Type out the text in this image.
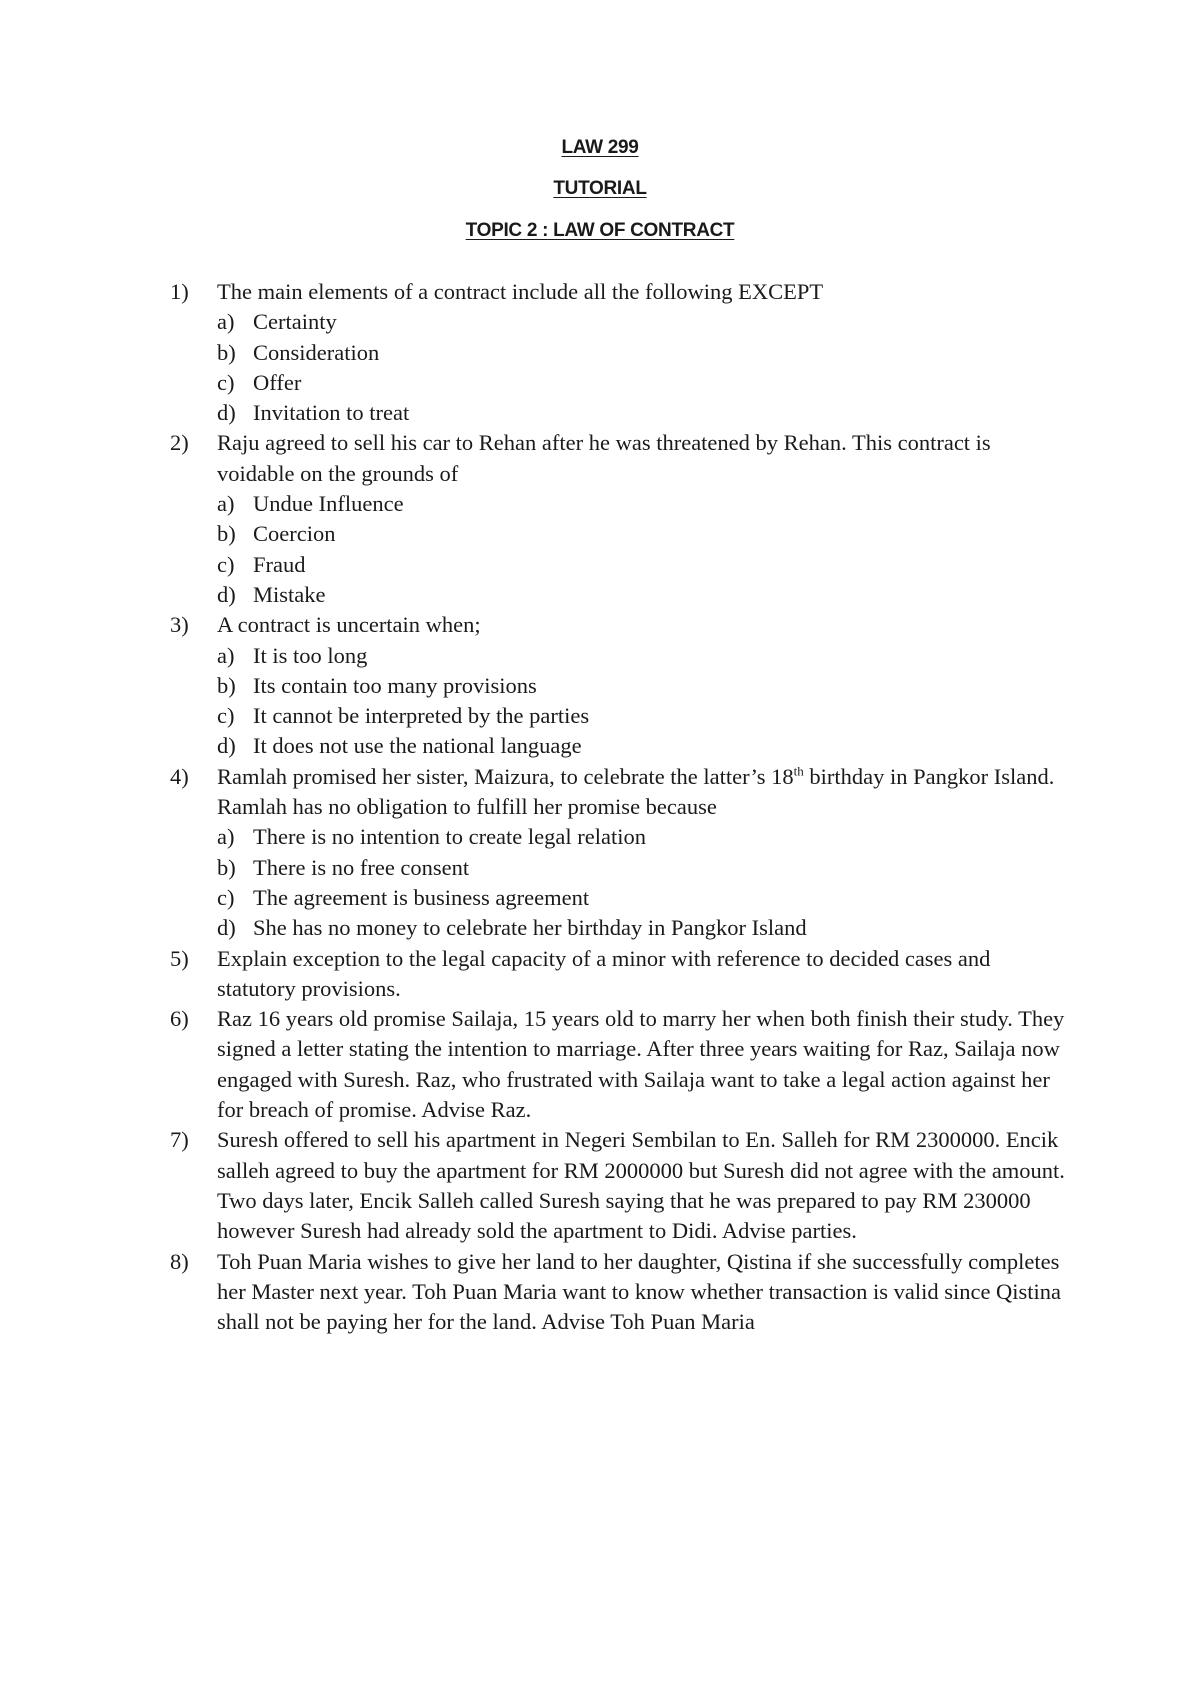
LAW 299
TUTORIAL
TOPIC 2 : LAW OF CONTRACT
1) The main elements of a contract include all the following EXCEPT
a) Certainty
b) Consideration
c) Offer
d) Invitation to treat
2) Raju agreed to sell his car to Rehan after he was threatened by Rehan. This contract is voidable on the grounds of
a) Undue Influence
b) Coercion
c) Fraud
d) Mistake
3) A contract is uncertain when;
a) It is too long
b) Its contain too many provisions
c) It cannot be interpreted by the parties
d) It does not use the national language
4) Ramlah promised her sister, Maizura, to celebrate the latter’s 18th birthday in Pangkor Island. Ramlah has no obligation to fulfill her promise because
a) There is no intention to create legal relation
b) There is no free consent
c) The agreement is business agreement
d) She has no money to celebrate her birthday in Pangkor Island
5) Explain exception to the legal capacity of a minor with reference to decided cases and statutory provisions.
6) Raz 16 years old promise Sailaja, 15 years old to marry her when both finish their study. They signed a letter stating the intention to marriage. After three years waiting for Raz, Sailaja now engaged with Suresh. Raz, who frustrated with Sailaja want to take a legal action against her for breach of promise. Advise Raz.
7) Suresh offered to sell his apartment in Negeri Sembilan to En. Salleh for RM 2300000. Encik salleh agreed to buy the apartment for RM 2000000 but Suresh did not agree with the amount. Two days later, Encik Salleh called Suresh saying that he was prepared to pay RM 230000 however Suresh had already sold the apartment to Didi. Advise parties.
8) Toh Puan Maria wishes to give her land to her daughter, Qistina if she successfully completes her Master next year. Toh Puan Maria want to know whether transaction is valid since Qistina shall not be paying her for the land. Advise Toh Puan Maria
